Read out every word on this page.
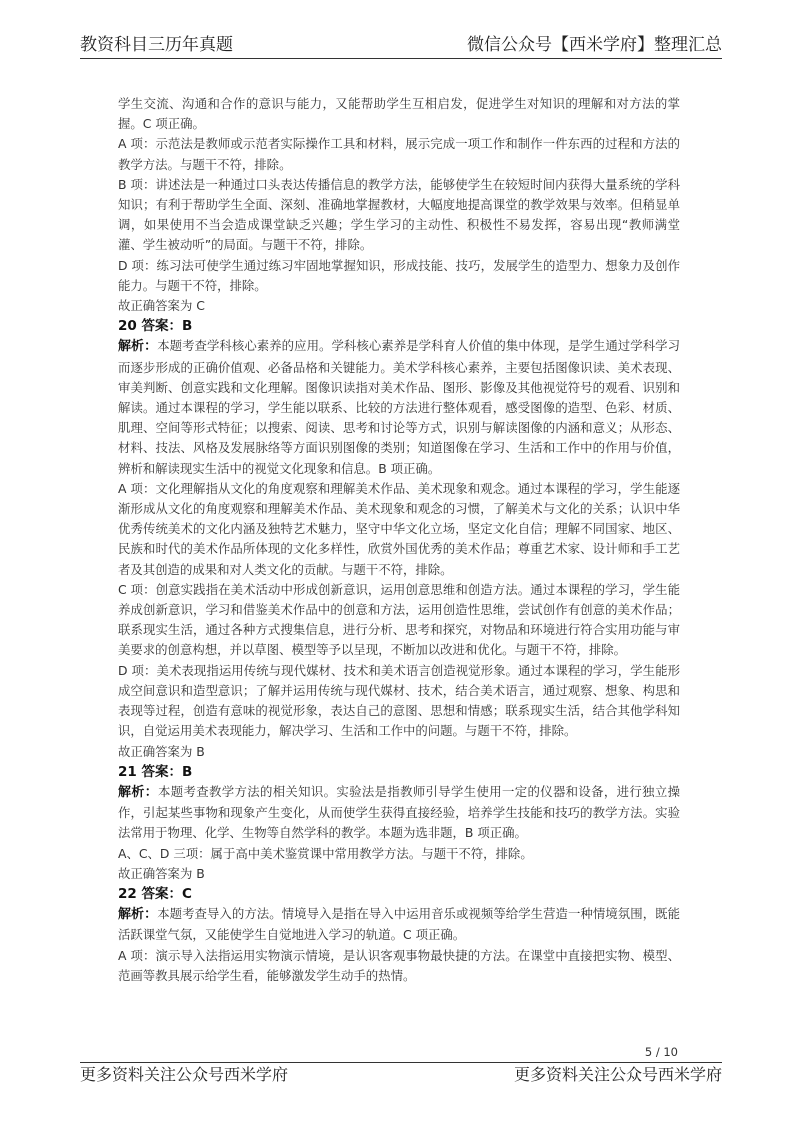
教资科目三历年真题	微信公众号【西米学府】整理汇总

学生交流、沟通和合作的意识与能力，又能帮助学生互相启发，促进学生对知识的理解和对方法的掌握。C 项正确。

A 项：示范法是教师或示范者实际操作工具和材料，展示完成一项工作和制作一件东西的过程和方法的教学方法。与题干不符，排除。

B 项：讲述法是一种通过口头表达传播信息的教学方法，能够使学生在较短时间内获得大量系统的学科知识；有利于帮助学生全面、深刻、准确地掌握教材，大幅度地提高课堂的教学效果与效率。但稍显单调，如果使用不当会造成课堂缺乏兴趣；学生学习的主动性、积极性不易发挥，容易出现“教师满堂灌、学生被动听”的局面。与题干不符，排除。

D 项：练习法可使学生通过练习牢固地掌握知识，形成技能、技巧，发展学生的造型力、想象力及创作能力。与题干不符，排除。

故正确答案为 C

20 答案：B

解析：本题考查学科核心素养的应用。学科核心素养是学科育人价值的集中体现，是学生通过学科学习而逐步形成的正确价值观、必备品格和关键能力。美术学科核心素养，主要包括图像识读、美术表现、审美判断、创意实践和文化理解。图像识读指对美术作品、图形、影像及其他视觉符号的观看、识别和解读。通过本课程的学习，学生能以联系、比较的方法进行整体观看，感受图像的造型、色彩、材质、肌理、空间等形式特征；以搜索、阅读、思考和讨论等方式，识别与解读图像的内涵和意义；从形态、材料、技法、风格及发展脉络等方面识别图像的类别；知道图像在学习、生活和工作中的作用与价值，辨析和解读现实生活中的视觉文化现象和信息。B 项正确。

A 项：文化理解指从文化的角度观察和理解美术作品、美术现象和观念。通过本课程的学习，学生能逐渐形成从文化的角度观察和理解美术作品、美术现象和观念的习惯，了解美术与文化的关系；认识中华优秀传统美术的文化内涵及独特艺术魅力，坚守中华文化立场，坚定文化自信；理解不同国家、地区、民族和时代的美术作品所体现的文化多样性，欣赏外国优秀的美术作品；尊重艺术家、设计师和手工艺者及其创造的成果和对人类文化的贡献。与题干不符，排除。

C 项：创意实践指在美术活动中形成创新意识，运用创意思维和创造方法。通过本课程的学习，学生能养成创新意识，学习和借鉴美术作品中的创意和方法，运用创造性思维，尝试创作有创意的美术作品；联系现实生活，通过各种方式搜集信息，进行分析、思考和探究，对物品和环境进行符合实用功能与审美要求的创意构想，并以草图、模型等予以呈现，不断加以改进和优化。与题干不符，排除。

D 项：美术表现指运用传统与现代媒材、技术和美术语言创造视觉形象。通过本课程的学习，学生能形成空间意识和造型意识；了解并运用传统与现代媒材、技术，结合美术语言，通过观察、想象、构思和表现等过程，创造有意味的视觉形象，表达自己的意图、思想和情感；联系现实生活，结合其他学科知识，自觉运用美术表现能力，解决学习、生活和工作中的问题。与题干不符，排除。

故正确答案为 B

21 答案：B

解析：本题考查教学方法的相关知识。实验法是指教师引导学生使用一定的仪器和设备，进行独立操作，引起某些事物和现象产生变化，从而使学生获得直接经验，培养学生技能和技巧的教学方法。实验法常用于物理、化学、生物等自然学科的教学。本题为选非题，B 项正确。

A、C、D 三项：属于高中美术鉴赏课中常用教学方法。与题干不符，排除。

故正确答案为 B

22 答案：C

解析：本题考查导入的方法。情境导入是指在导入中运用音乐或视频等给学生营造一种情境氛围，既能活跃课堂气氛，又能使学生自觉地进入学习的轨道。C 项正确。

A 项：演示导入法指运用实物演示情境，是认识客观事物最快捷的方法。在课堂中直接把实物、模型、范画等教具展示给学生看，能够激发学生动手的热情。

5 / 10
更多资料关注公众号西米学府	更多资料关注公众号西米学府
